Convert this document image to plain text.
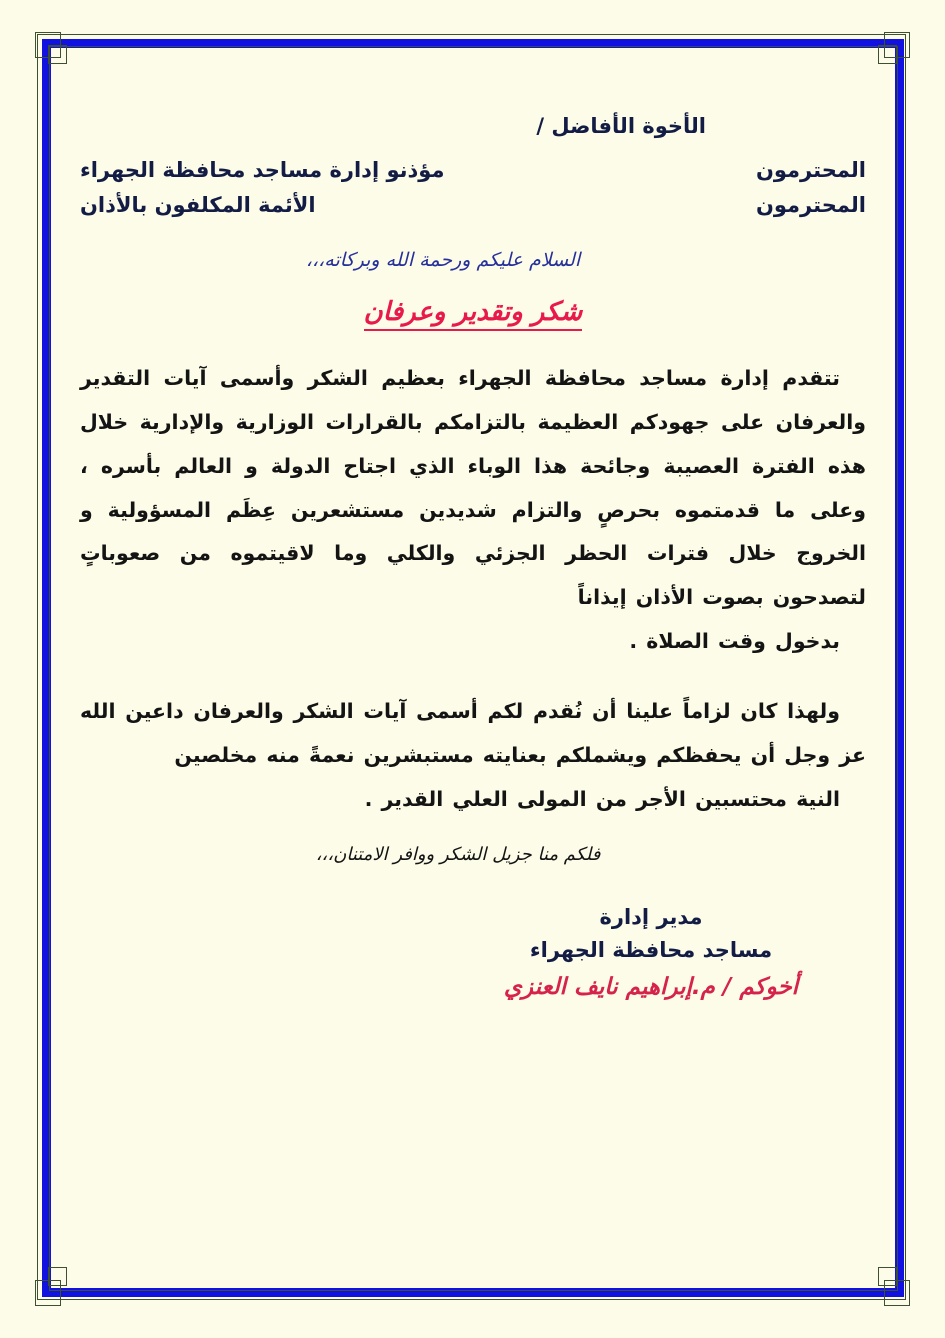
الأخوة الأفاضل /
المحترمون
مؤذنو إدارة مساجد محافظة الجهراء
المحترمون
الأئمة المكلفون بالأذان
السلام عليكم ورحمة الله وبركاته،،،
شكر وتقدير وعرفان
تتقدم إدارة مساجد محافظة الجهراء بعظيم الشكر وأسمى آيات التقدير والعرفان على جهودكم العظيمة بالتزامكم بالقرارات الوزارية والإدارية خلال هذه الفترة العصيبة وجائحة هذا الوباء الذي اجتاح الدولة و العالم بأسره ، وعلى ما قدمتموه بحرصٍ والتزام شديدين مستشعرين عِظَم المسؤولية و الخروج خلال فترات الحظر الجزئي والكلي وما لاقيتموه من صعوباتٍ لتصدحون بصوت الأذان إيذاناً
بدخول وقت الصلاة .
ولهذا كان لزاماً علينا أن نُقدم لكم أسمى آيات الشكر والعرفان داعين الله عز وجل أن يحفظكم ويشملكم بعنايته مستبشرين نعمةً منه مخلصين
النية محتسبين الأجر من المولى العلي القدير .
فلكم منا جزيل الشكر ووافر الامتنان،،،
مدير إدارة
مساجد محافظة الجهراء
أخوكم / م.إبراهيم نايف العنزي
